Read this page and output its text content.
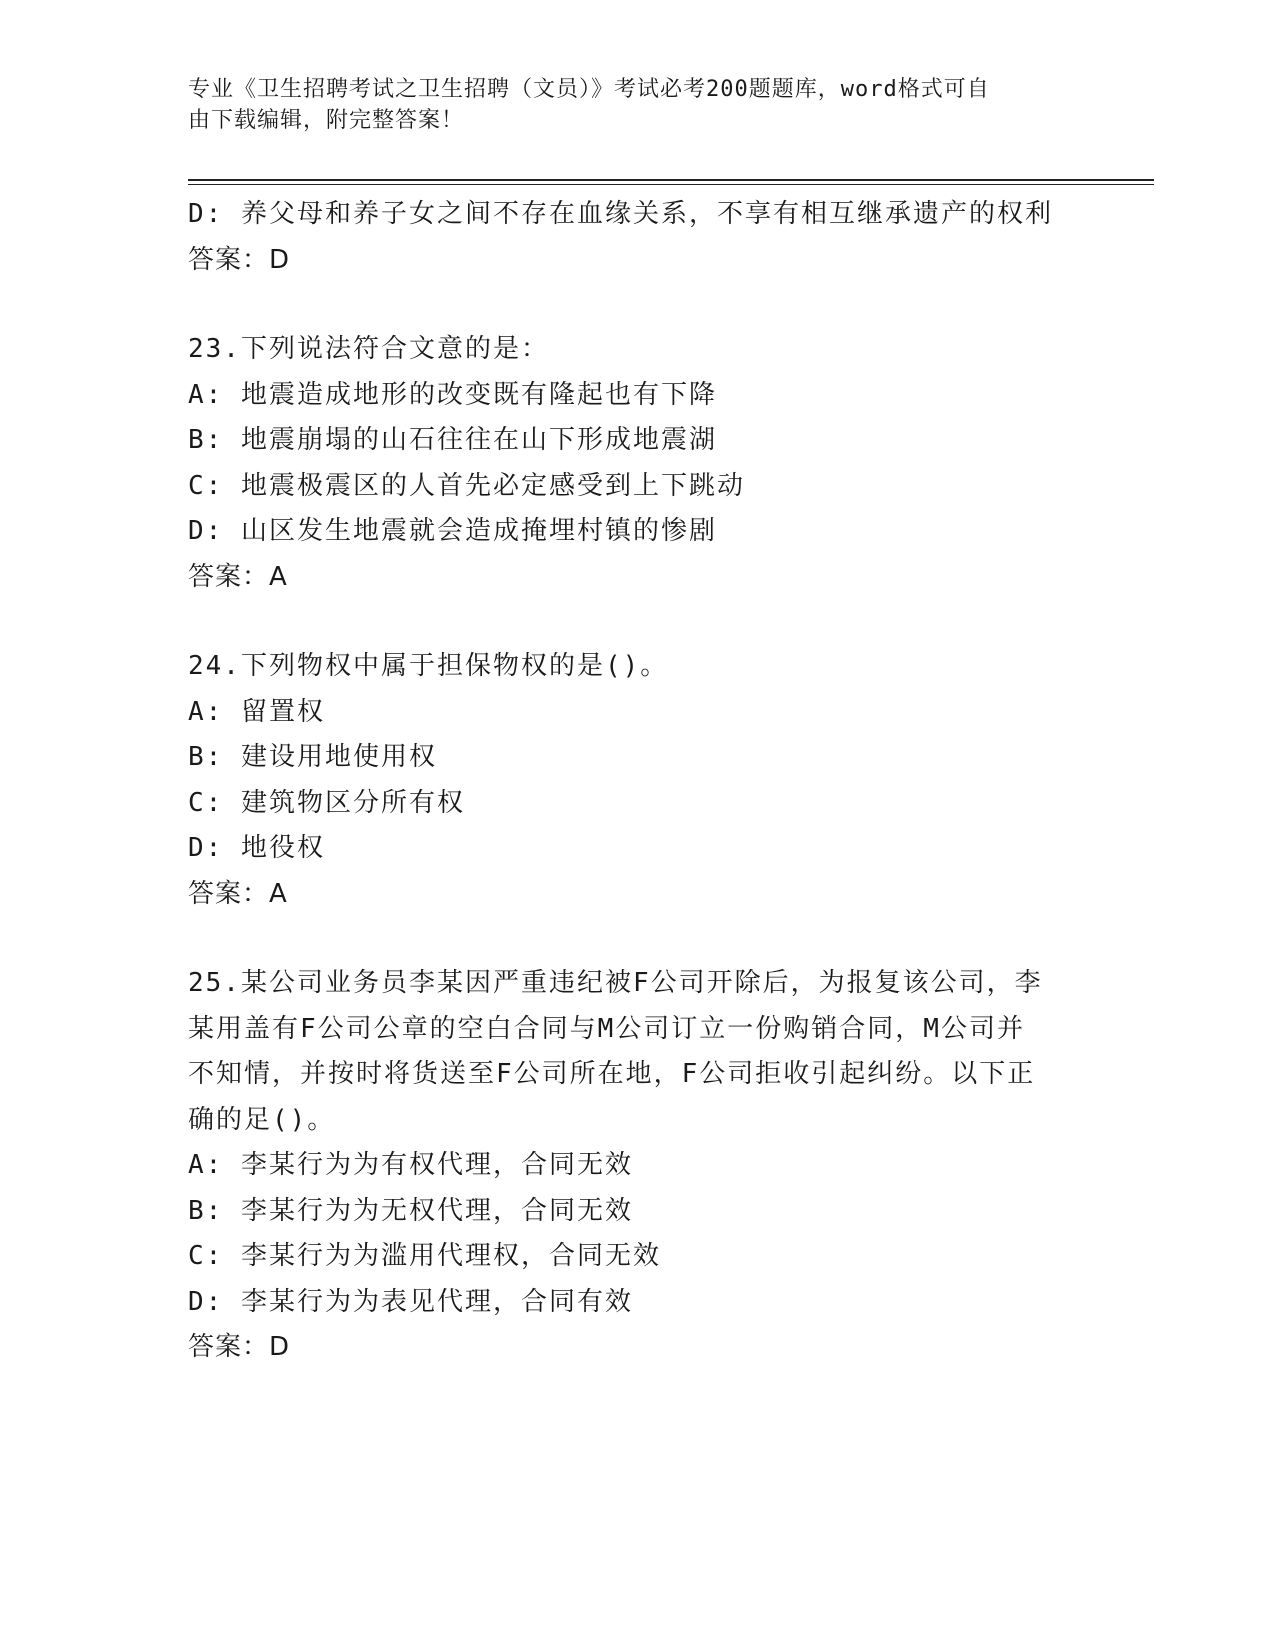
专业《卫生招聘考试之卫生招聘（文员）》考试必考200题题库，word格式可自
由下载编辑，附完整答案！
D: 养父母和养子女之间不存在血缘关系，不享有相互继承遗产的权利
答案：D
23.下列说法符合文意的是：
A: 地震造成地形的改变既有隆起也有下降
B: 地震崩塌的山石往往在山下形成地震湖
C: 地震极震区的人首先必定感受到上下跳动
D: 山区发生地震就会造成掩埋村镇的惨剧
答案：A
24.下列物权中属于担保物权的是()。
A: 留置权
B: 建设用地使用权
C: 建筑物区分所有权
D: 地役权
答案：A
25.某公司业务员李某因严重违纪被F公司开除后，为报复该公司，李
某用盖有F公司公章的空白合同与M公司订立一份购销合同，M公司并
不知情，并按时将货送至F公司所在地，F公司拒收引起纠纷。以下正
确的足()。
A: 李某行为为有权代理，合同无效
B: 李某行为为无权代理，合同无效
C: 李某行为为滥用代理权，合同无效
D: 李某行为为表见代理，合同有效
答案：D
